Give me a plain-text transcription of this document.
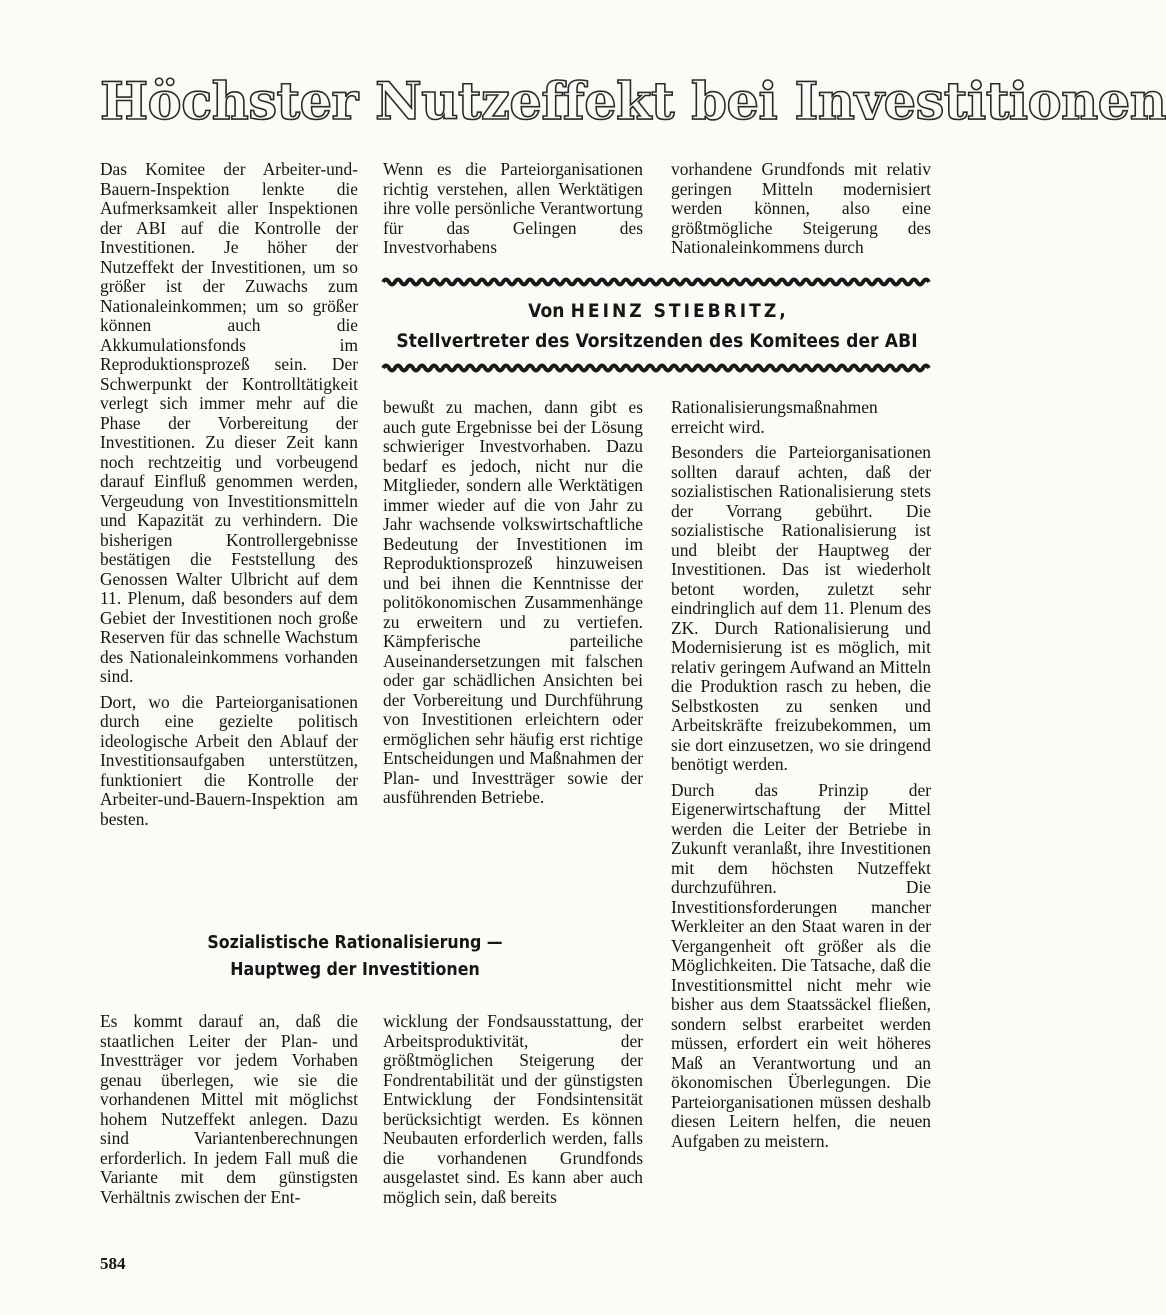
Höchster Nutzeffekt bei Investitionen

Das Komitee der Arbeiter-und-Bauern-Inspektion lenkte die Aufmerksamkeit aller Inspektionen der ABI auf die Kontrolle der Investitionen. Je höher der Nutzeffekt der Investitionen, um so größer ist der Zuwachs zum Nationaleinkommen; um so größer können auch die Akkumulationsfonds im Reproduktionsprozeß sein. Der Schwerpunkt der Kontrolltätigkeit verlegt sich immer mehr auf die Phase der Vorbereitung der Investitionen. Zu dieser Zeit kann noch rechtzeitig und vorbeugend darauf Einfluß genommen werden, Vergeudung von Investitionsmitteln und Kapazität zu verhindern. Die bisherigen Kontrollergebnisse bestätigen die Feststellung des Genossen Walter Ulbricht auf dem 11. Plenum, daß besonders auf dem Gebiet der Investitionen noch große Reserven für das schnelle Wachstum des Nationaleinkommens vorhanden sind.

Dort, wo die Parteiorganisationen durch eine gezielte politisch ideologische Arbeit den Ablauf der Investitionsaufgaben unterstützen, funktioniert die Kontrolle der Arbeiter-und-Bauern-Inspektion am besten.

Wenn es die Parteiorganisationen richtig verstehen, allen Werktätigen ihre volle persönliche Verantwortung für das Gelingen des Investvorhabens

vorhandene Grundfonds mit relativ geringen Mitteln modernisiert werden können, also eine größtmögliche Steigerung des Nationaleinkommens durch

Von HEINZ STIEBRITZ,
Stellvertreter des Vorsitzenden des Komitees der ABI

bewußt zu machen, dann gibt es auch gute Ergebnisse bei der Lösung schwieriger Investvorhaben. Dazu bedarf es jedoch, nicht nur die Mitglieder, sondern alle Werktätigen immer wieder auf die von Jahr zu Jahr wachsende volkswirtschaftliche Bedeutung der Investitionen im Reproduktionsprozeß hinzuweisen und bei ihnen die Kenntnisse der politökonomischen Zusammenhänge zu erweitern und zu vertiefen. Kämpferische parteiliche Auseinandersetzungen mit falschen oder gar schädlichen Ansichten bei der Vorbereitung und Durchführung von Investitionen erleichtern oder ermöglichen sehr häufig erst richtige Entscheidungen und Maßnahmen der Plan- und Investträger sowie der ausführenden Betriebe.

Rationalisierungsmaßnahmen erreicht wird.

Besonders die Parteiorganisationen sollten darauf achten, daß der sozialistischen Rationalisierung stets der Vorrang gebührt. Die sozialistische Rationalisierung ist und bleibt der Hauptweg der Investitionen. Das ist wiederholt betont worden, zuletzt sehr eindringlich auf dem 11. Plenum des ZK. Durch Rationalisierung und Modernisierung ist es möglich, mit relativ geringem Aufwand an Mitteln die Produktion rasch zu heben, die Selbstkosten zu senken und Arbeitskräfte freizubekommen, um sie dort einzusetzen, wo sie dringend benötigt werden.

Durch das Prinzip der Eigenerwirtschaftung der Mittel werden die Leiter der Betriebe in Zukunft veranlaßt, ihre Investitionen mit dem höchsten Nutzeffekt durchzuführen. Die Investitionsforderungen mancher Werkleiter an den Staat waren in der Vergangenheit oft größer als die Möglichkeiten. Die Tatsache, daß die Investitionsmittel nicht mehr wie bisher aus dem Staatssäckel fließen, sondern selbst erarbeitet werden müssen, erfordert ein weit höheres Maß an Verantwortung und an ökonomischen Überlegungen. Die Parteiorganisationen müssen deshalb diesen Leitern helfen, die neuen Aufgaben zu meistern.

Sozialistische Rationalisierung —
Hauptweg der Investitionen

Es kommt darauf an, daß die staatlichen Leiter der Plan- und Investträger vor jedem Vorhaben genau überlegen, wie sie die vorhandenen Mittel mit möglichst hohem Nutzeffekt anlegen. Dazu sind Variantenberechnungen erforderlich. In jedem Fall muß die Variante mit dem günstigsten Verhältnis zwischen der Ent-

wicklung der Fondsausstattung, der Arbeitsproduktivität, der größtmöglichen Steigerung der Fondrentabilität und der günstigsten Entwicklung der Fondsintensität berücksichtigt werden. Es können Neubauten erforderlich werden, falls die vorhandenen Grundfonds ausgelastet sind. Es kann aber auch möglich sein, daß bereits

584
